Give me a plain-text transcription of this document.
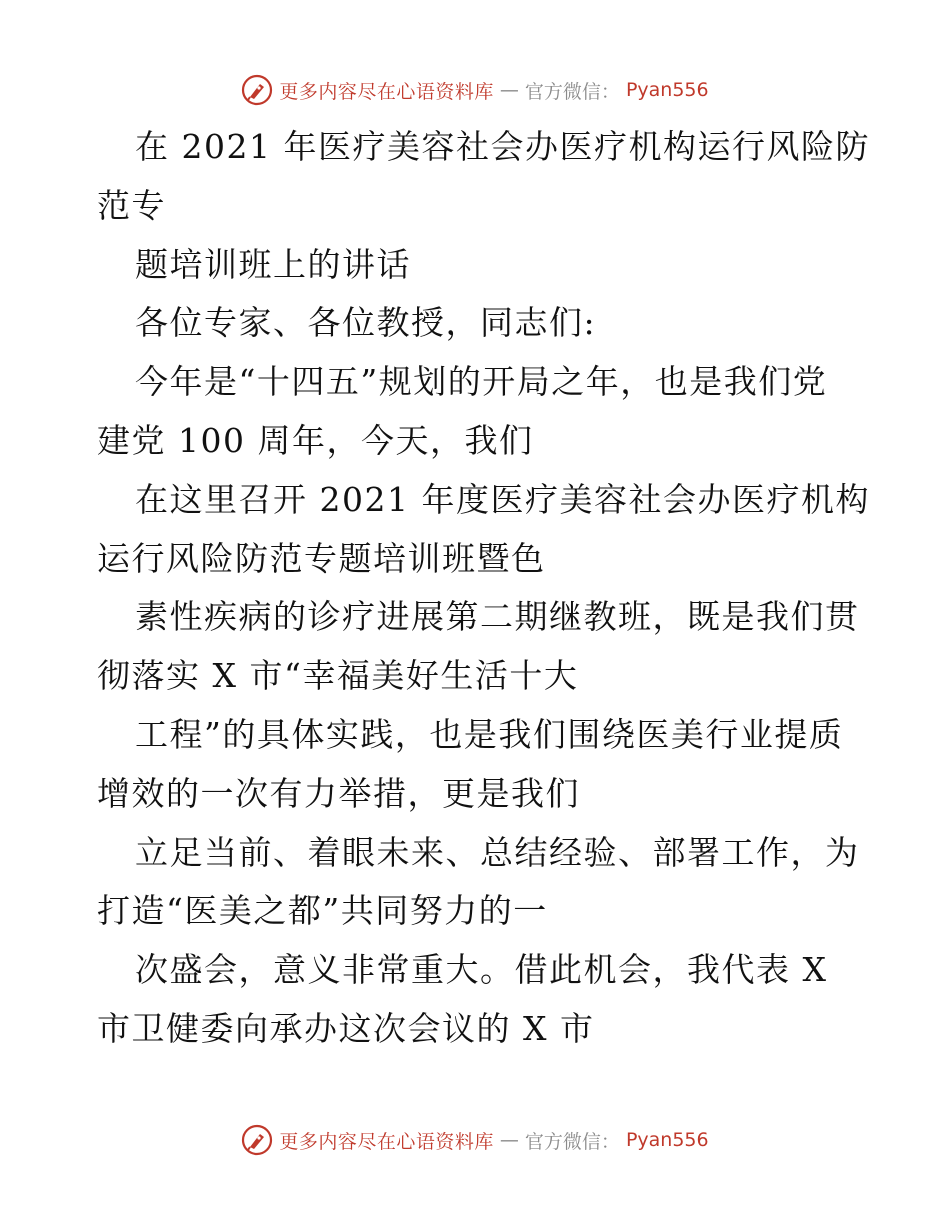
更多内容尽在心语资料库 — 官方微信： Pyan556
在 2021 年医疗美容社会办医疗机构运行风险防
范专
题培训班上的讲话
各位专家、各位教授，同志们:
今年是“十四五”规划的开局之年，也是我们党
建党 100 周年，今天，我们
在这里召开 2021 年度医疗美容社会办医疗机构
运行风险防范专题培训班暨色
素性疾病的诊疗进展第二期继教班，既是我们贯
彻落实 X 市“幸福美好生活十大
工程”的具体实践，也是我们围绕医美行业提质
增效的一次有力举措，更是我们
立足当前、着眼未来、总结经验、部署工作，为
打造“医美之都”共同努力的一
次盛会，意义非常重大。借此机会，我代表 X
市卫健委向承办这次会议的 X 市
更多内容尽在心语资料库 — 官方微信： Pyan556
